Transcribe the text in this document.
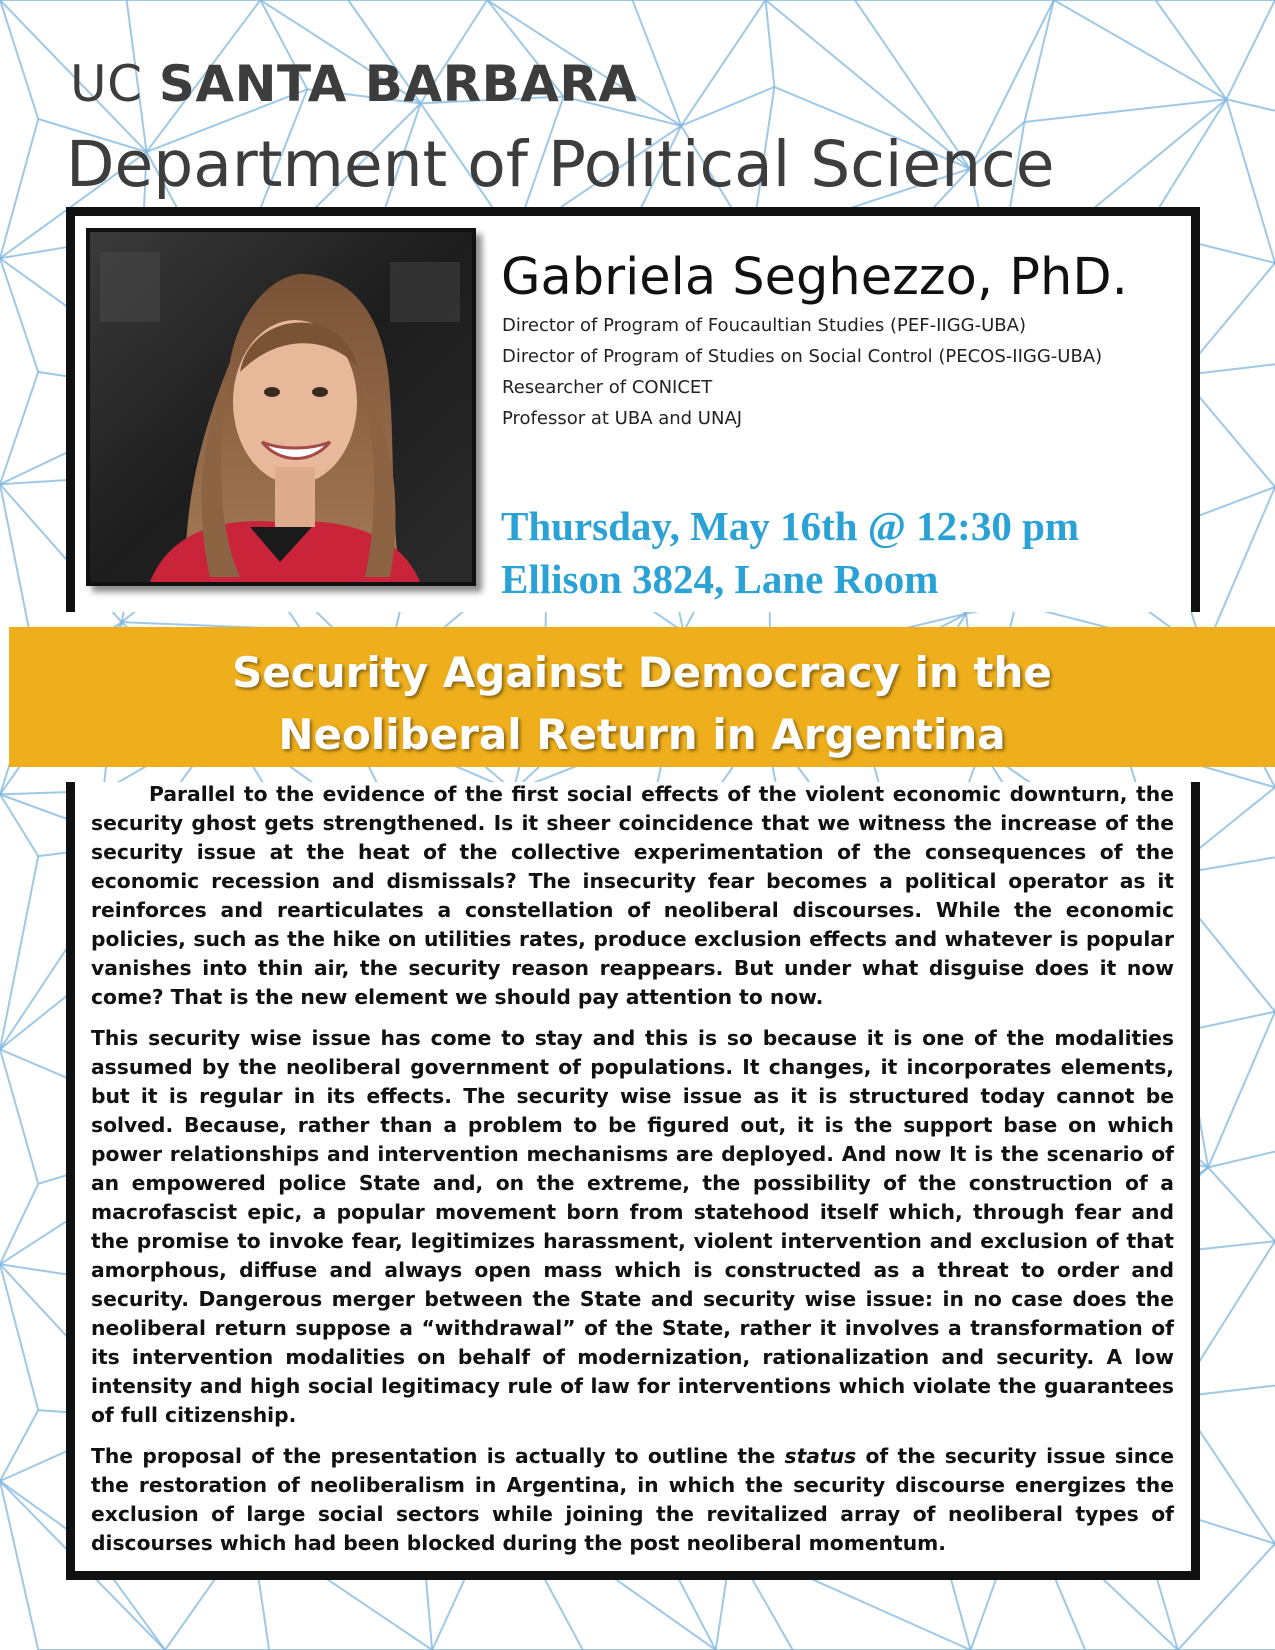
UC SANTA BARBARA
Department of Political Science
Gabriela Seghezzo, PhD.
Director of Program of Foucaultian Studies (PEF-IIGG-UBA)
Director of Program of Studies on Social Control (PECOS-IIGG-UBA)
Researcher of CONICET
Professor at UBA and UNAJ
Thursday, May 16th @ 12:30 pm
Ellison 3824, Lane Room
Security Against Democracy in the
Neoliberal Return in Argentina

Parallel to the evidence of the first social effects of the violent economic downturn, the security ghost gets strengthened. Is it sheer coincidence that we witness the increase of the security issue at the heat of the collective experimentation of the consequences of the economic recession and dismissals? The insecurity fear becomes a political operator as it reinforces and rearticulates a constellation of neoliberal discourses. While the economic policies, such as the hike on utilities rates, produce exclusion effects and whatever is popular vanishes into thin air, the security reason reappears. But under what disguise does it now come? That is the new element we should pay attention to now.

This security wise issue has come to stay and this is so because it is one of the modalities assumed by the neoliberal government of populations. It changes, it incorporates elements, but it is regular in its effects. The security wise issue as it is structured today cannot be solved. Because, rather than a problem to be figured out, it is the support base on which power relationships and intervention mechanisms are deployed. And now It is the scenario of an empowered police State and, on the extreme, the possibility of the construction of a macrofascist epic, a popular movement born from statehood itself which, through fear and the promise to invoke fear, legitimizes harassment, violent intervention and exclusion of that amorphous, diffuse and always open mass which is constructed as a threat to order and security. Dangerous merger between the State and security wise issue: in no case does the neoliberal return suppose a “withdrawal” of the State, rather it involves a transformation of its intervention modalities on behalf of modernization, rationalization and security. A low intensity and high social legitimacy rule of law for interventions which violate the guarantees of full citizenship.

The proposal of the presentation is actually to outline the status of the security issue since the restoration of neoliberalism in Argentina, in which the security discourse energizes the exclusion of large social sectors while joining the revitalized array of neoliberal types of discourses which had been blocked during the post neoliberal momentum.
